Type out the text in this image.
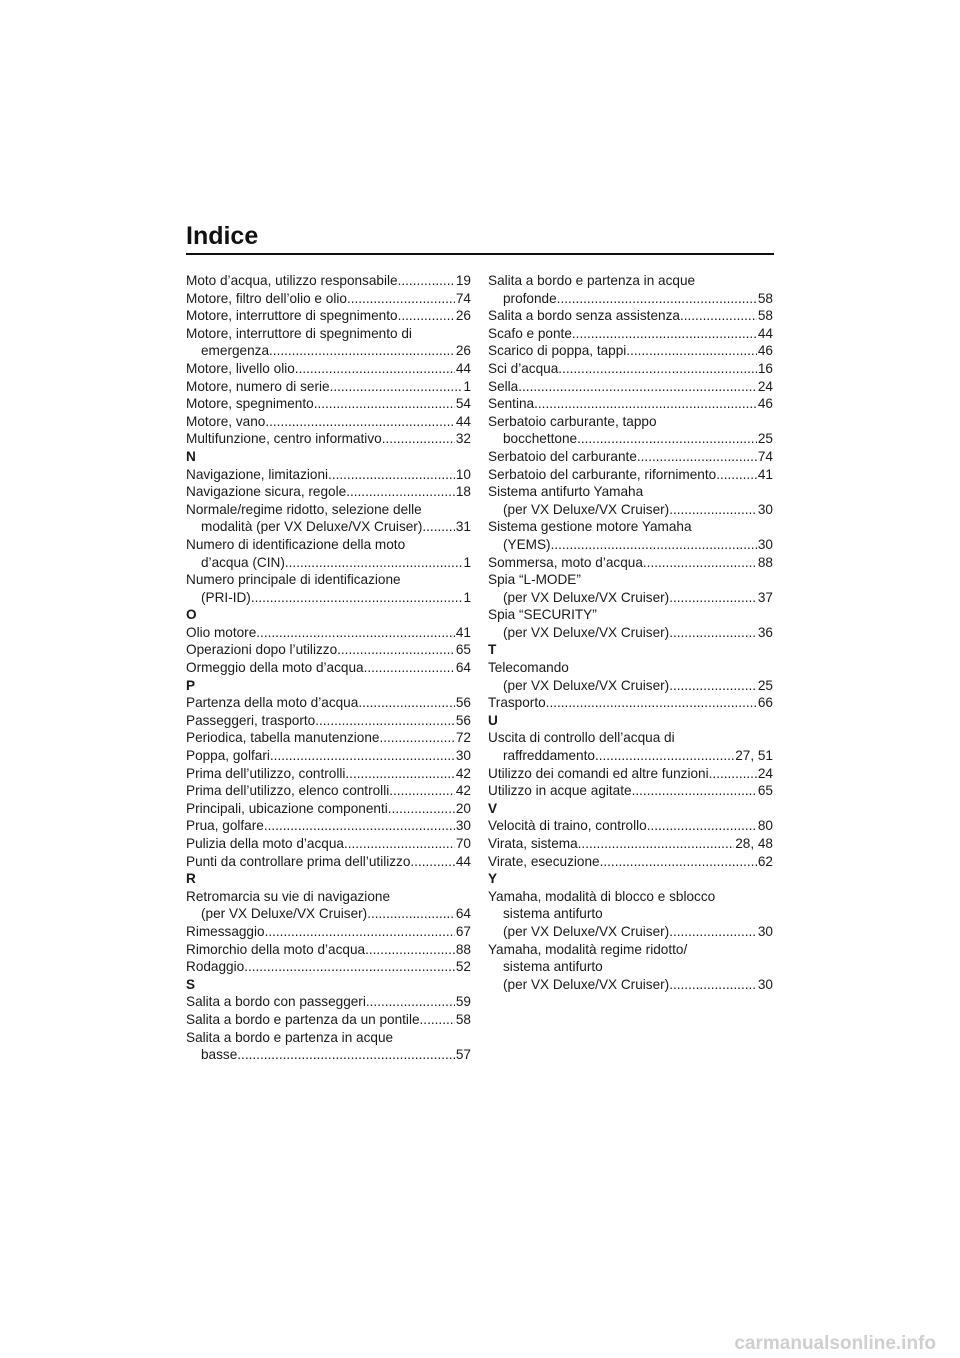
Indice
Moto d’acqua, utilizzo responsabile .....	19
Motore, filtro dell’olio e olio .....	74
Motore, interruttore di spegnimento .....	26
Motore, interruttore di spegnimento di
emergenza .....	26
Motore, livello olio .....	44
Motore, numero di serie .....	1
Motore, spegnimento .....	54
Motore, vano .....	44
Multifunzione, centro informativo .....	32
N
Navigazione, limitazioni .....	10
Navigazione sicura, regole .....	18
Normale/regime ridotto, selezione delle
modalità (per VX Deluxe/VX Cruiser) ..... 31
Numero di identificazione della moto
d’acqua (CIN) .....	1
Numero principale di identificazione
(PRI-ID) .....	1
O
Olio motore .....	41
Operazioni dopo l’utilizzo .....	65
Ormeggio della moto d’acqua .....	64
P
Partenza della moto d’acqua .....	56
Passeggeri, trasporto .....	56
Periodica, tabella manutenzione .....	72
Poppa, golfari .....	30
Prima dell’utilizzo, controlli .....	42
Prima dell’utilizzo, elenco controlli .....	42
Principali, ubicazione componenti .....	20
Prua, golfare .....	30
Pulizia della moto d’acqua .....	70
Punti da controllare prima dell’utilizzo .....	44
R
Retromarcia su vie di navigazione
(per VX Deluxe/VX Cruiser) .....	64
Rimessaggio .....	67
Rimorchio della moto d’acqua .....	88
Rodaggio .....	52
S
Salita a bordo con passeggeri .....	59
Salita a bordo e partenza da un pontile .....	58
Salita a bordo e partenza in acque
basse .....	57
Salita a bordo e partenza in acque
profonde .....	58
Salita a bordo senza assistenza .....	58
Scafo e ponte .....	44
Scarico di poppa, tappi .....	46
Sci d’acqua .....	16
Sella .....	24
Sentina .....	46
Serbatoio carburante, tappo
bocchettone .....	25
Serbatoio del carburante .....	74
Serbatoio del carburante, rifornimento .....	41
Sistema antifurto Yamaha
(per VX Deluxe/VX Cruiser) .....	30
Sistema gestione motore Yamaha
(YEMS) .....	30
Sommersa, moto d’acqua .....	88
Spia “L-MODE”
(per VX Deluxe/VX Cruiser) .....	37
Spia “SECURITY”
(per VX Deluxe/VX Cruiser) .....	36
T
Telecomando
(per VX Deluxe/VX Cruiser) .....	25
Trasporto .....	66
U
Uscita di controllo dell’acqua di
raffreddamento .....	27, 51
Utilizzo dei comandi ed altre funzioni .....	24
Utilizzo in acque agitate .....	65
V
Velocità di traino, controllo .....	80
Virata, sistema .....	28, 48
Virate, esecuzione .....	62
Y
Yamaha, modalità di blocco e sblocco
sistema antifurto
(per VX Deluxe/VX Cruiser) .....	30
Yamaha, modalità regime ridotto/
sistema antifurto
(per VX Deluxe/VX Cruiser) .....	30
carmanualsonline.info
